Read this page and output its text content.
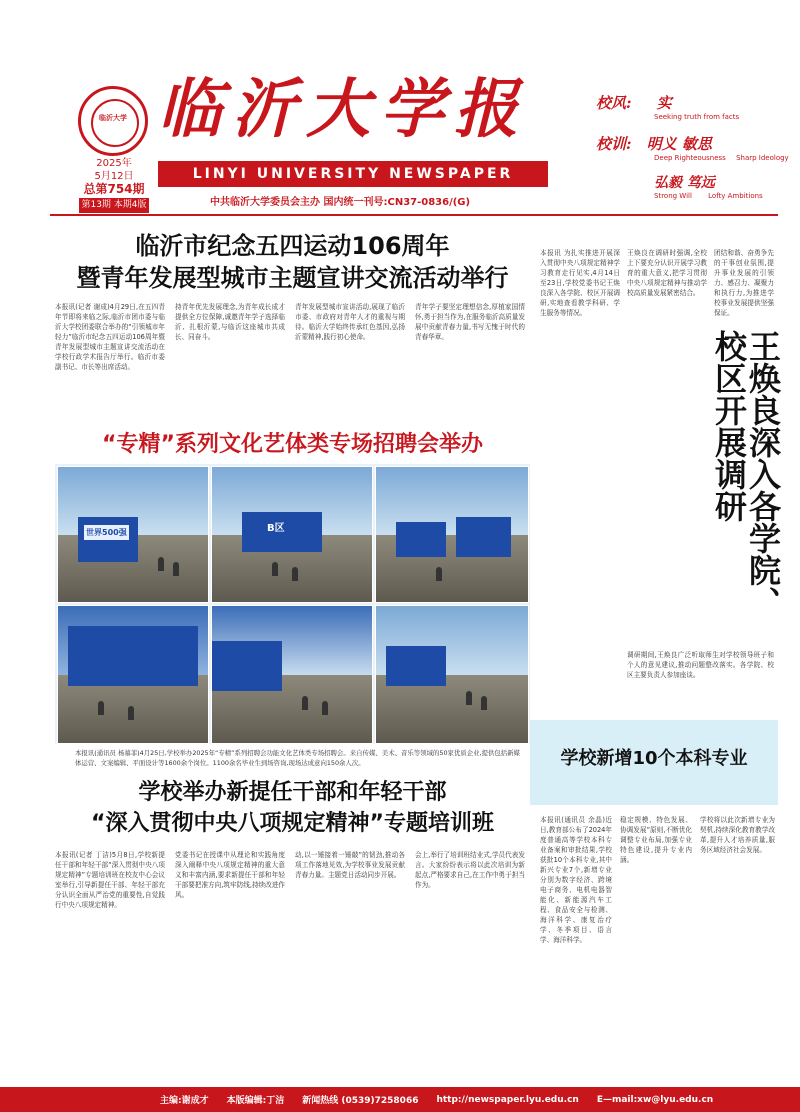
临沂大学 临沂大学报
LINYI UNIVERSITY NEWSPAPER
中共临沂大学委员会主办 国内统一刊号:CN37-0836/(G)
2025年
5月12日
总第754期
第13期 本期4版
校风: 实
Seeking truth from facts
校训: 明义 敏思
Deep Righteousness Sharp Ideology
弘毅 笃远
Strong Will Lofty Ambitions
临沂市纪念五四运动106周年
暨青年发展型城市主题宣讲交流活动举行
本报讯(记者 谢成)4月29日,在五四青年节即将来临之际,临沂市团市委与临沂大学校团委联合举办的“引领城市年轻力”临沂市纪念五四运动106周年暨青年发展型城市主题宣讲交流活动在学校行政学术报告厅举行。临沂市委副书记、市长等出席活动。
持青年优先发展理念,为青年成长成才提供全方位保障,诚邀青年学子选择临沂、扎根沂蒙,与临沂这座城市共成长、同奋斗。
青年发展型城市宣讲活动,展现了临沂市委、市政府对青年人才的重视与期待。临沂大学始终传承红色基因,弘扬沂蒙精神,践行初心使命。
青年学子要坚定理想信念,厚植家国情怀,勇于担当作为,在服务临沂高质量发展中贡献青春力量,书写无愧于时代的青春华章。
“专精”系列文化艺体类专场招聘会举办
世界500强	B区
本报讯(通讯员 杨慕菲)4月25日,学校举办2025年“专精”系列招聘会功能文化艺体类专场招聘会。来自传媒、美术、音乐等领域的50家优质企业,提供包括新媒体运营、文案编辑、平面设计等1600余个岗位。1100余名毕业生到场咨询,现场达成意向150余人次。
学校举办新提任干部和年轻干部
“深入贯彻中央八项规定精神”专题培训班
本报讯(记者 丁洁)5月8日,学校新提任干部和年轻干部“深入贯彻中央八项规定精神”专题培训班在校友中心会议室举行,引导新提任干部、年轻干部充分认识全面从严治党的重要性,自觉践行中央八项规定精神。
党委书记在授课中从理论和实践角度深入阐释中央八项规定精神的重大意义和丰富内涵,要求新提任干部和年轻干部要把准方向,筑牢防线,持续改进作风。
动,以一锤接着一锤敲”的韧劲,推动各项工作落地见效,为学校事业发展贡献青春力量。主题党日活动同步开展。
会上,举行了培训班结业式,学员代表发言。大家纷纷表示将以此次培训为新起点,严格要求自己,在工作中勇于担当作为。
本报讯 为扎实推进开展深入贯彻中央八项规定精神学习教育走行见实,4月14日至23日,学校党委书记王焕良深入各学院、校区开展调研,实地查看教学科研、学生服务等情况。
王焕良在调研时强调,全校上下要充分认识开展学习教育的重大意义,把学习贯彻中央八项规定精神与推动学校高质量发展紧密结合。
团结和谐、奋勇争先的干事创业氛围,提升事业发展的引领力、感召力、凝聚力和执行力,为推进学校事业发展提供坚强保证。
王焕良深入各学院、校区开展调研
调研期间,王焕良广泛听取师生对学校领导班子和个人的意见建议,推动问题整改落实。各学院、校区主要负责人参加座谈。
学校新增10个本科专业
本报讯(通讯员 余晶)近日,教育部公布了2024年度普通高等学校本科专业备案和审批结果,学校获批10个本科专业,其中新兴专业7个,新增专业分别为数字经济、跨境电子商务、电机电器智能化、新能源汽车工程、食品安全与检测、海洋科学、康复治疗学、冬季项目、语言学、海洋科学。
稳定规模、特色发展、协调发展”原则,不断优化调整专业布局,加强专业特色建设,提升专业内涵。
学校将以此次新增专业为契机,持续深化教育教学改革,提升人才培养质量,服务区域经济社会发展。
主编:谢成才 本版编辑:丁洁 新闻热线 (0539)7258066 http://newspaper.lyu.edu.cn E—mail:xw@lyu.edu.cn
